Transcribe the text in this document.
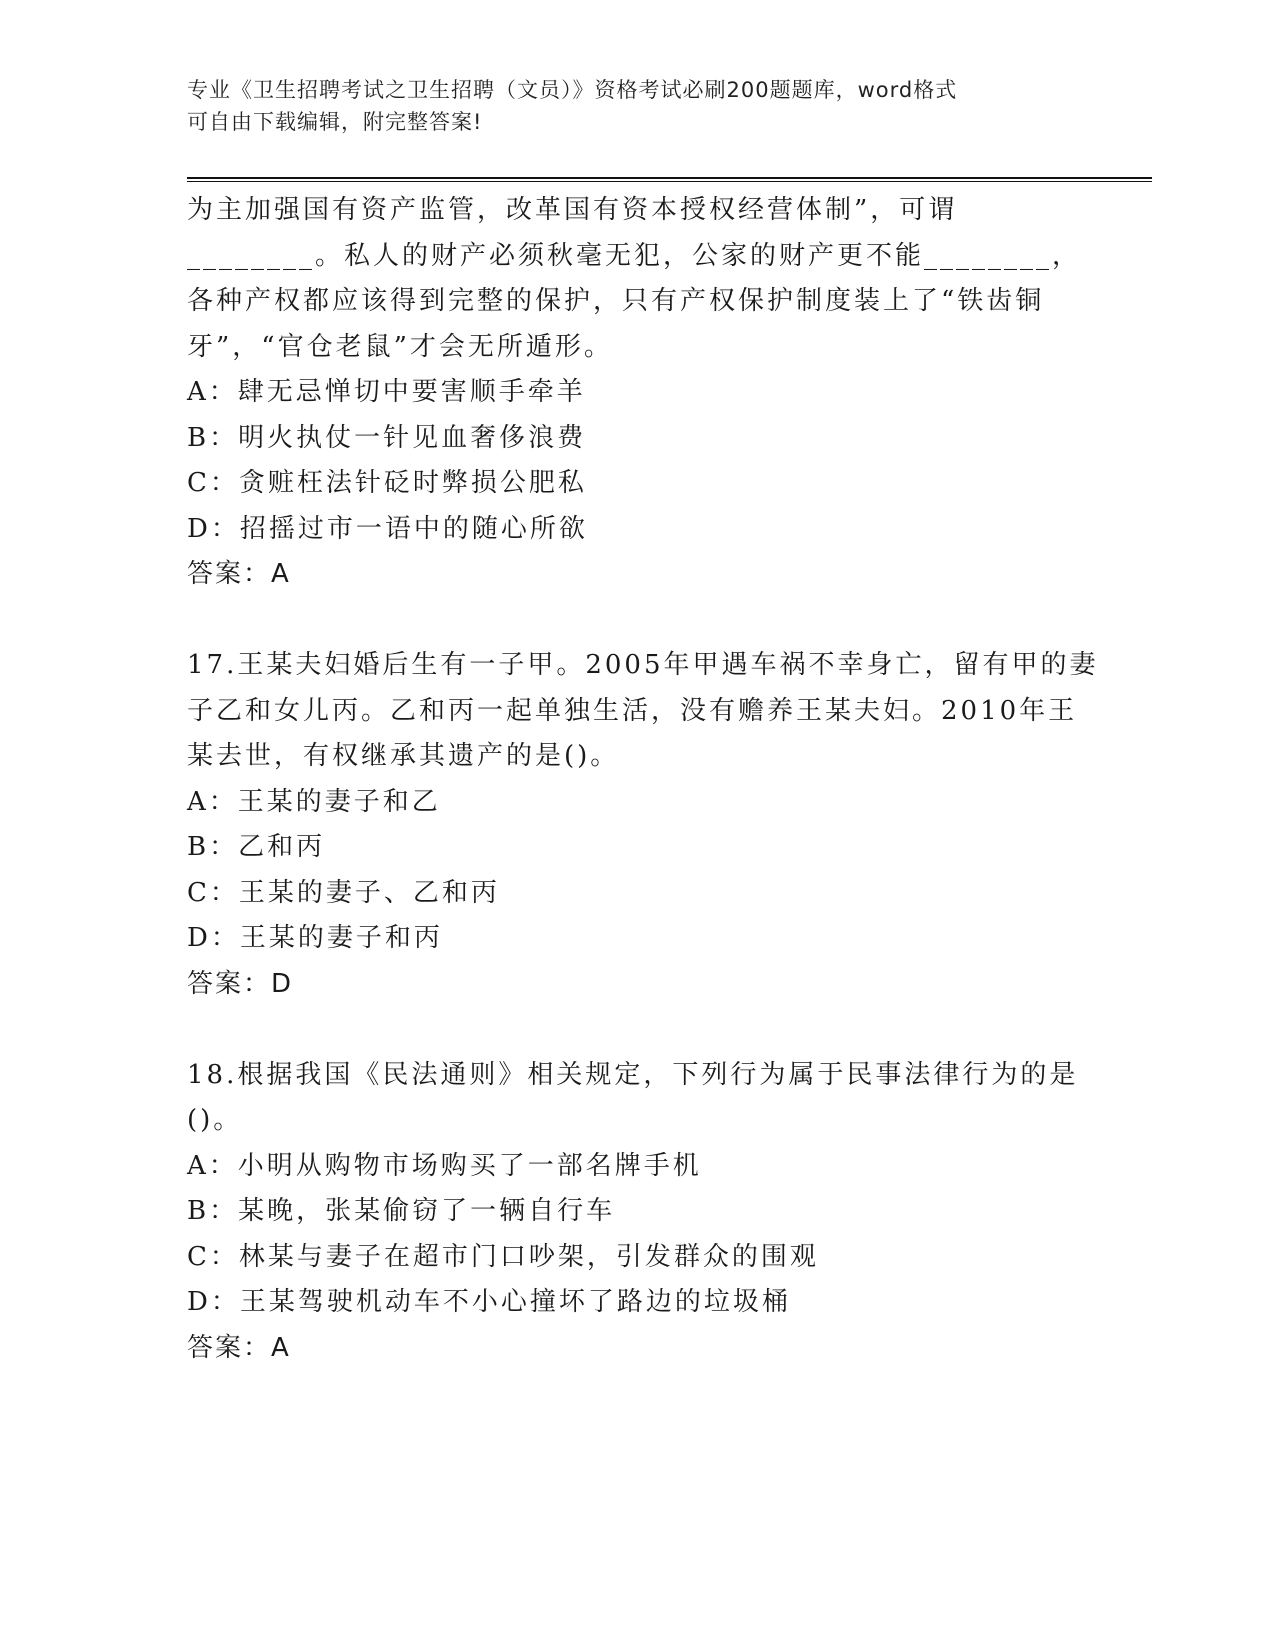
专业《卫生招聘考试之卫生招聘（文员）》资格考试必刷200题题库，word格式
可自由下载编辑，附完整答案!
为主加强国有资产监管，改革国有资本授权经营体制”，可谓
________。私人的财产必须秋毫无犯，公家的财产更不能________，
各种产权都应该得到完整的保护，只有产权保护制度装上了“铁齿铜
牙”，“官仓老鼠”才会无所遁形。
A：肆无忌惮切中要害顺手牵羊
B：明火执仗一针见血奢侈浪费
C：贪赃枉法针砭时弊损公肥私
D：招摇过市一语中的随心所欲
答案：A
17.王某夫妇婚后生有一子甲。2005年甲遇车祸不幸身亡，留有甲的妻
子乙和女儿丙。乙和丙一起单独生活，没有赡养王某夫妇。2010年王
某去世，有权继承其遗产的是()。
A：王某的妻子和乙
B：乙和丙
C：王某的妻子、乙和丙
D：王某的妻子和丙
答案：D
18.根据我国《民法通则》相关规定，下列行为属于民事法律行为的是
()。
A：小明从购物市场购买了一部名牌手机
B：某晚，张某偷窃了一辆自行车
C：林某与妻子在超市门口吵架，引发群众的围观
D：王某驾驶机动车不小心撞坏了路边的垃圾桶
答案：A
